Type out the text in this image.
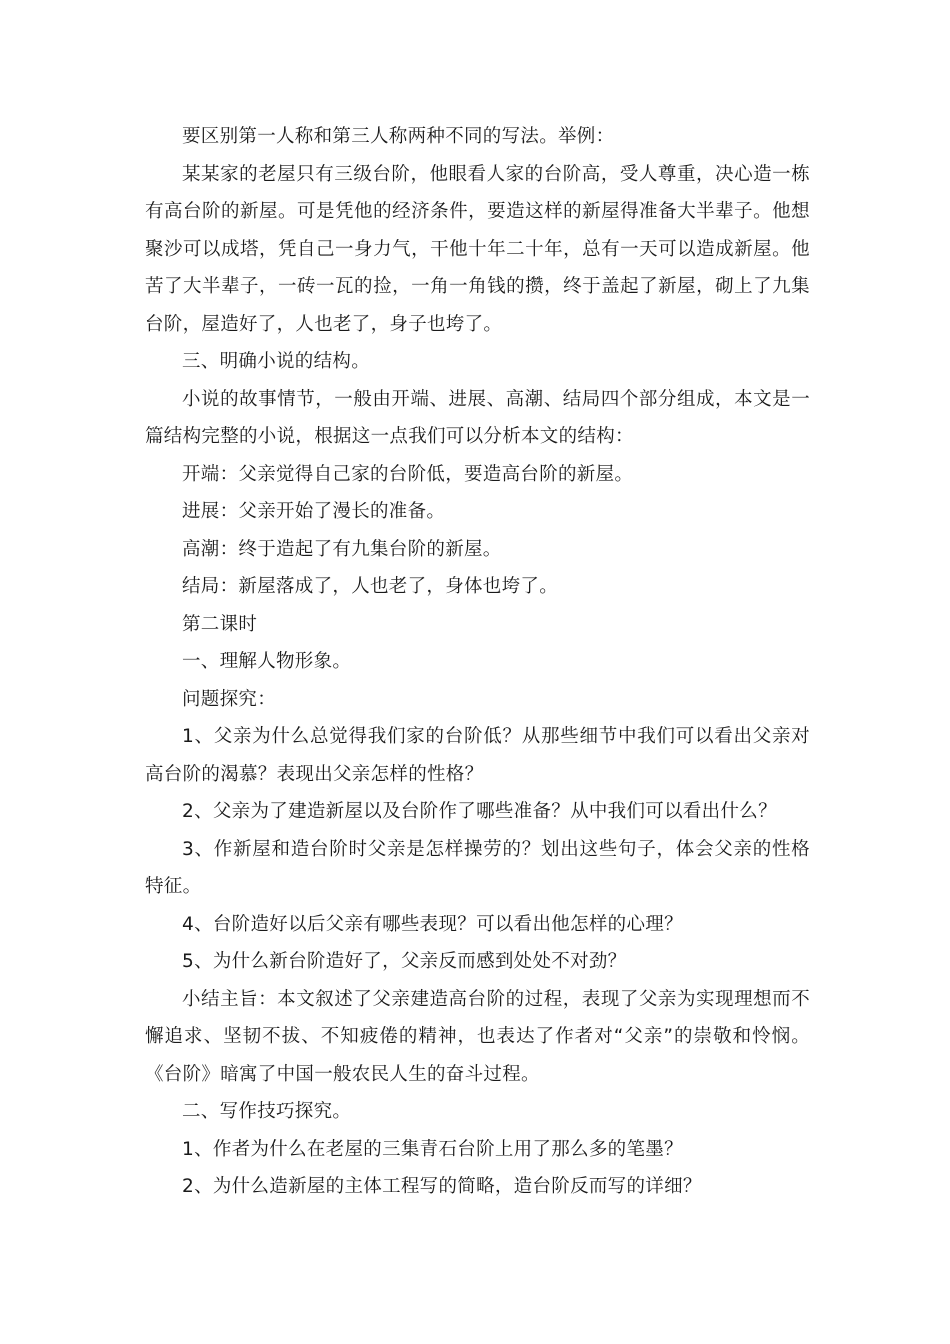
要区别第一人称和第三人称两种不同的写法。举例：

某某家的老屋只有三级台阶，他眼看人家的台阶高，受人尊重，决心造一栋有高台阶的新屋。可是凭他的经济条件，要造这样的新屋得准备大半辈子。他想聚沙可以成塔，凭自己一身力气，干他十年二十年，总有一天可以造成新屋。他苦了大半辈子，一砖一瓦的捡，一角一角钱的攒，终于盖起了新屋，砌上了九集台阶，屋造好了，人也老了，身子也垮了。

三、明确小说的结构。

小说的故事情节，一般由开端、进展、高潮、结局四个部分组成，本文是一篇结构完整的小说，根据这一点我们可以分析本文的结构：

开端：父亲觉得自己家的台阶低，要造高台阶的新屋。

进展：父亲开始了漫长的准备。

高潮：终于造起了有九集台阶的新屋。

结局：新屋落成了，人也老了，身体也垮了。

第二课时

一、理解人物形象。

问题探究：

1、父亲为什么总觉得我们家的台阶低？从那些细节中我们可以看出父亲对高台阶的渴慕？表现出父亲怎样的性格？

2、父亲为了建造新屋以及台阶作了哪些准备？从中我们可以看出什么？

3、作新屋和造台阶时父亲是怎样操劳的？划出这些句子，体会父亲的性格特征。

4、台阶造好以后父亲有哪些表现？可以看出他怎样的心理？

5、为什么新台阶造好了，父亲反而感到处处不对劲？

小结主旨：本文叙述了父亲建造高台阶的过程，表现了父亲为实现理想而不懈追求、坚韧不拔、不知疲倦的精神，也表达了作者对“父亲”的崇敬和怜悯。《台阶》暗寓了中国一般农民人生的奋斗过程。

二、写作技巧探究。

1、作者为什么在老屋的三集青石台阶上用了那么多的笔墨？

2、为什么造新屋的主体工程写的简略，造台阶反而写的详细？
